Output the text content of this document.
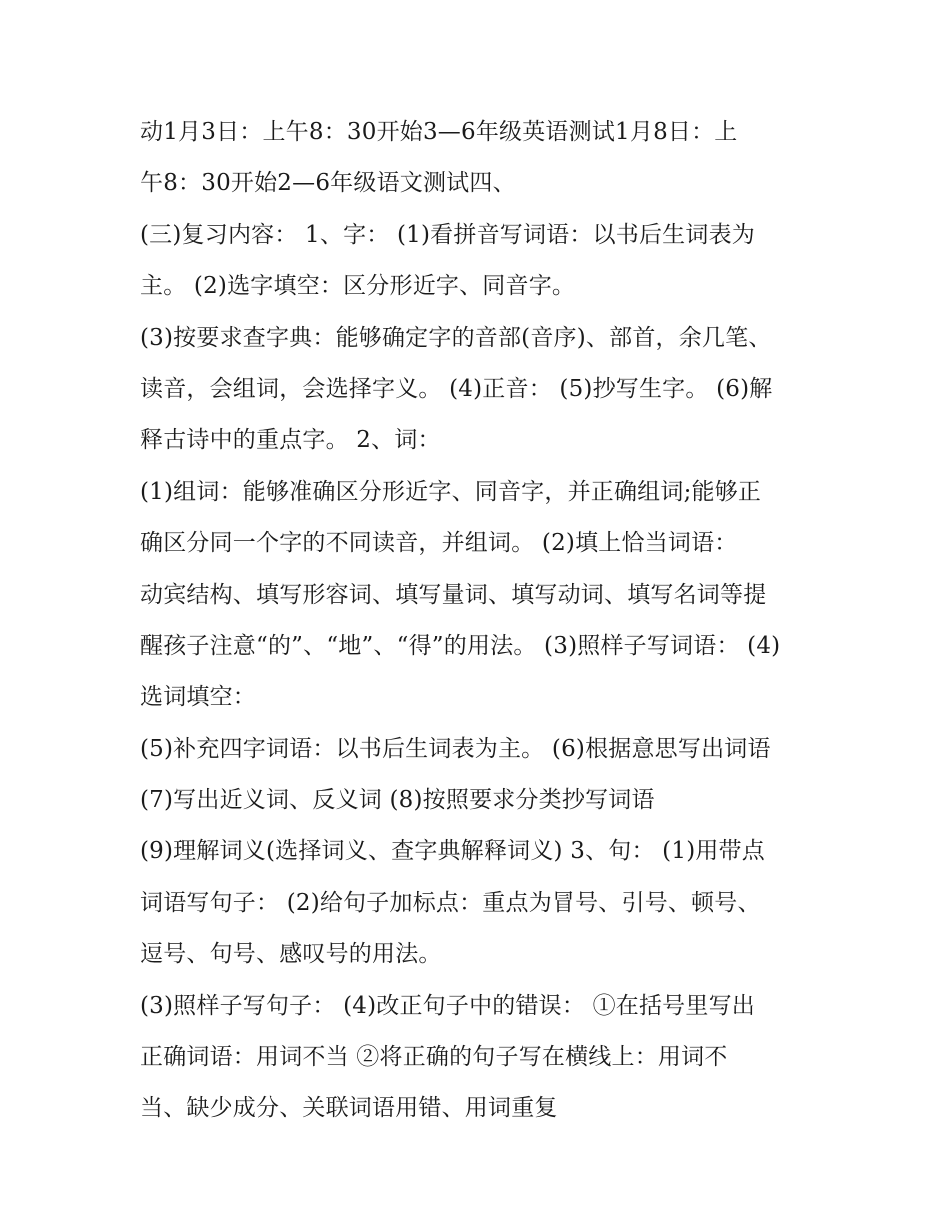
动1月3日：上午8：30开始3—6年级英语测试1月8日：上
午8：30开始2—6年级语文测试四、
(三)复习内容： 1、字： (1)看拼音写词语：以书后生词表为
主。 (2)选字填空：区分形近字、同音字。
(3)按要求查字典：能够确定字的音部(音序)、部首，余几笔、
读音，会组词，会选择字义。 (4)正音： (5)抄写生字。 (6)解
释古诗中的重点字。 2、词：
(1)组词：能够准确区分形近字、同音字，并正确组词;能够正
确区分同一个字的不同读音，并组词。 (2)填上恰当词语：
动宾结构、填写形容词、填写量词、填写动词、填写名词等提
醒孩子注意“的”、“地”、“得”的用法。 (3)照样子写词语： (4)
选词填空：
(5)补充四字词语：以书后生词表为主。 (6)根据意思写出词语
(7)写出近义词、反义词 (8)按照要求分类抄写词语
(9)理解词义(选择词义、查字典解释词义) 3、句： (1)用带点
词语写句子： (2)给句子加标点：重点为冒号、引号、顿号、
逗号、句号、感叹号的用法。
(3)照样子写句子： (4)改正句子中的错误： ①在括号里写出
正确词语：用词不当 ②将正确的句子写在横线上：用词不
当、缺少成分、关联词语用错、用词重复
